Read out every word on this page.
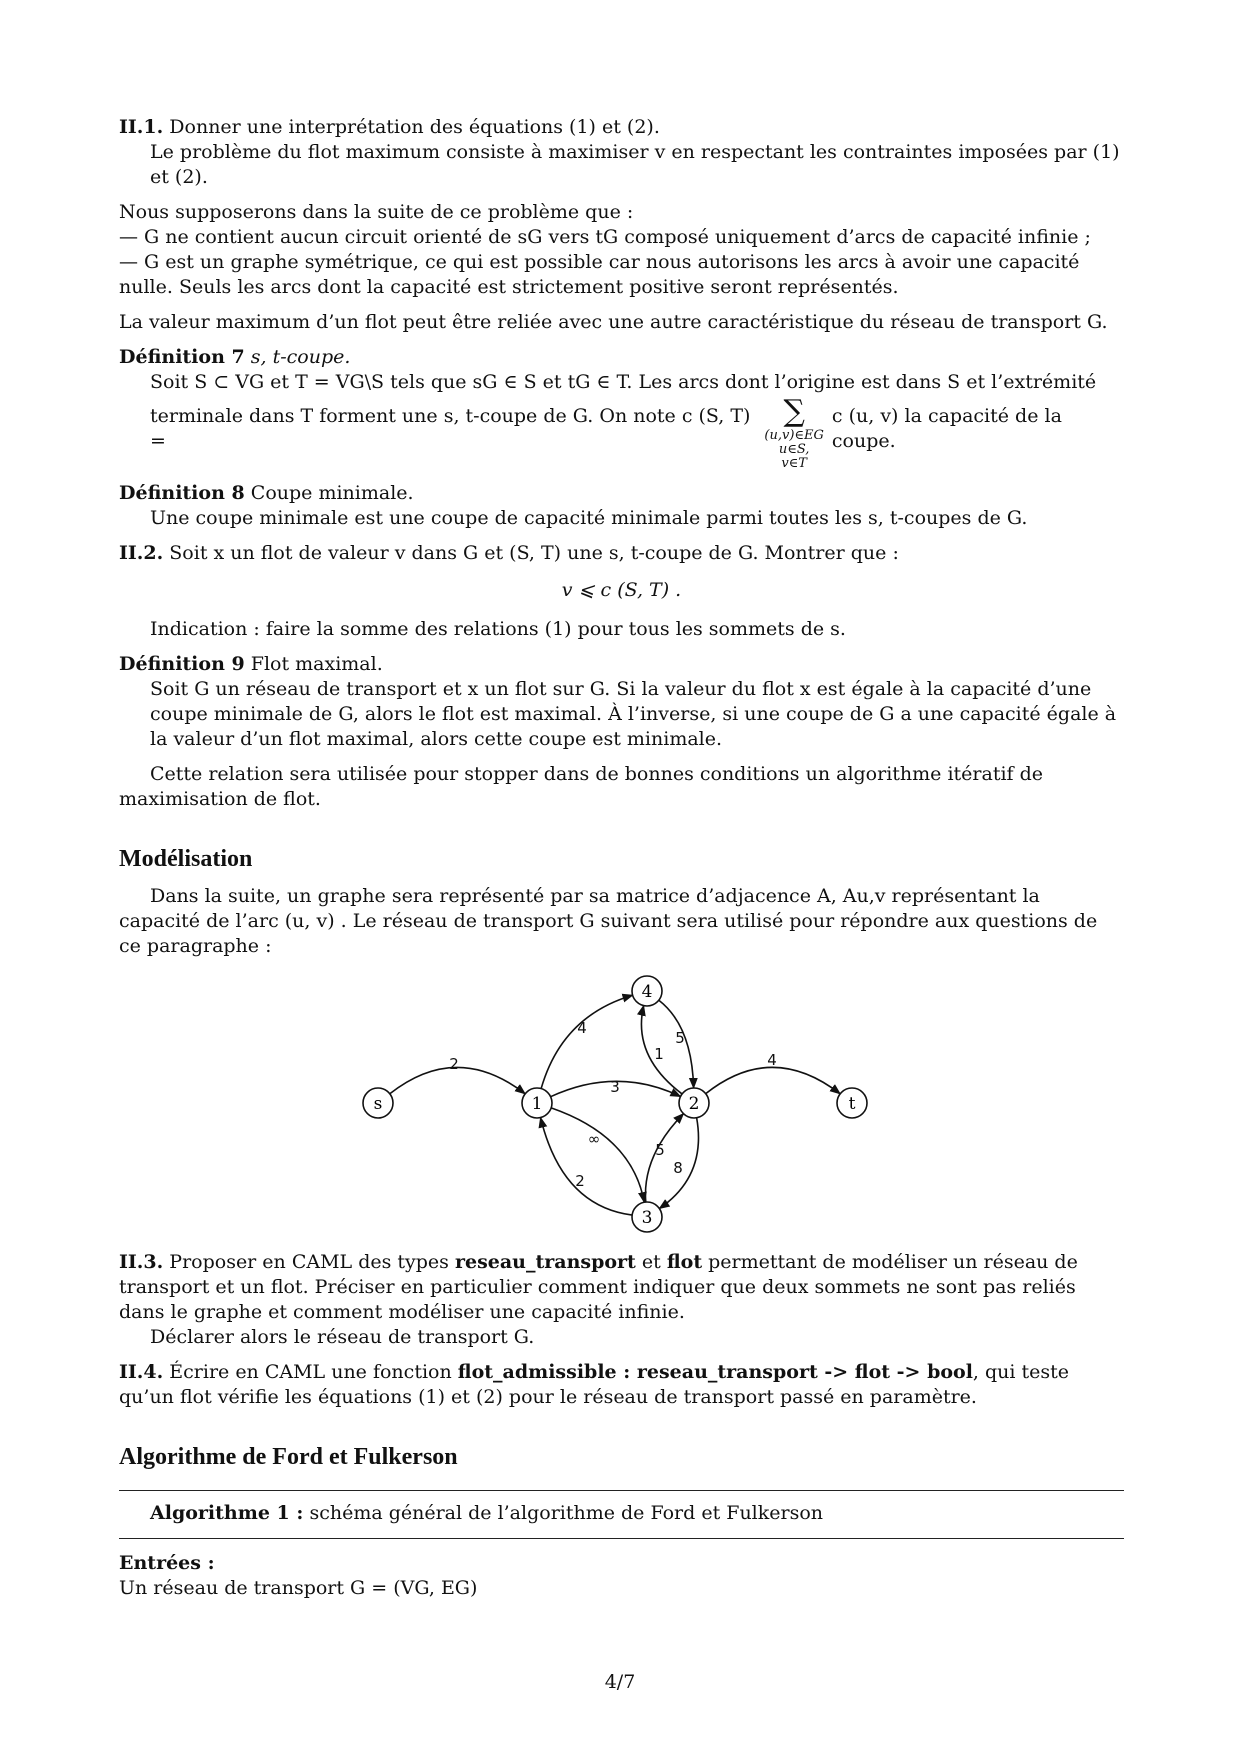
II.1. Donner une interprétation des équations (1) et (2).

Le problème du flot maximum consiste à maximiser v en respectant les contraintes imposées par (1) et (2).

Nous supposerons dans la suite de ce problème que :

— G ne contient aucun circuit orienté de sG vers tG composé uniquement d’arcs de capacité infinie ;

— G est un graphe symétrique, ce qui est possible car nous autorisons les arcs à avoir une capacité nulle. Seuls les arcs dont la capacité est strictement positive seront représentés.

La valeur maximum d’un flot peut être reliée avec une autre caractéristique du réseau de transport G.

Définition 7 s, t-coupe.

Soit S ⊂ VG et T = VG\S tels que sG ∈ S et tG ∈ T. Les arcs dont l’origine est dans S et l’extrémité

terminale dans T forment une s, t-coupe de G. On note c (S, T) =
∑
(u,v)∈EG
u∈S, v∈T
c (u, v) la capacité de la coupe.

Définition 8 Coupe minimale.

Une coupe minimale est une coupe de capacité minimale parmi toutes les s, t-coupes de G.

II.2. Soit x un flot de valeur v dans G et (S, T) une s, t-coupe de G. Montrer que :

v ⩽ c (S, T) .

Indication : faire la somme des relations (1) pour tous les sommets de s.

Définition 9 Flot maximal.

Soit G un réseau de transport et x un flot sur G. Si la valeur du flot x est égale à la capacité d’une coupe minimale de G, alors le flot est maximal. À l’inverse, si une coupe de G a une capacité égale à la valeur d’un flot maximal, alors cette coupe est minimale.

Cette relation sera utilisée pour stopper dans de bonnes conditions un algorithme itératif de maximisation de flot.

Modélisation

Dans la suite, un graphe sera représenté par sa matrice d’adjacence A, Au,v représentant la capacité de l’arc (u, v) . Le réseau de transport G suivant sera utilisé pour répondre aux questions de ce paragraphe :

2
4
5
1
3
∞
5
8
2
4
s	1	2
3
4
t

II.3. Proposer en CAML des types reseau_transport et flot permettant de modéliser un réseau de transport et un flot. Préciser en particulier comment indiquer que deux sommets ne sont pas reliés dans le graphe et comment modéliser une capacité infinie.

Déclarer alors le réseau de transport G.

II.4. Écrire en CAML une fonction flot_admissible : reseau_transport -> flot -> bool, qui teste qu’un flot vérifie les équations (1) et (2) pour le réseau de transport passé en paramètre.

Algorithme de Ford et Fulkerson
Algorithme 1 : schéma général de l’algorithme de Ford et Fulkerson

Entrées :

Un réseau de transport G = (VG, EG)

4/7
